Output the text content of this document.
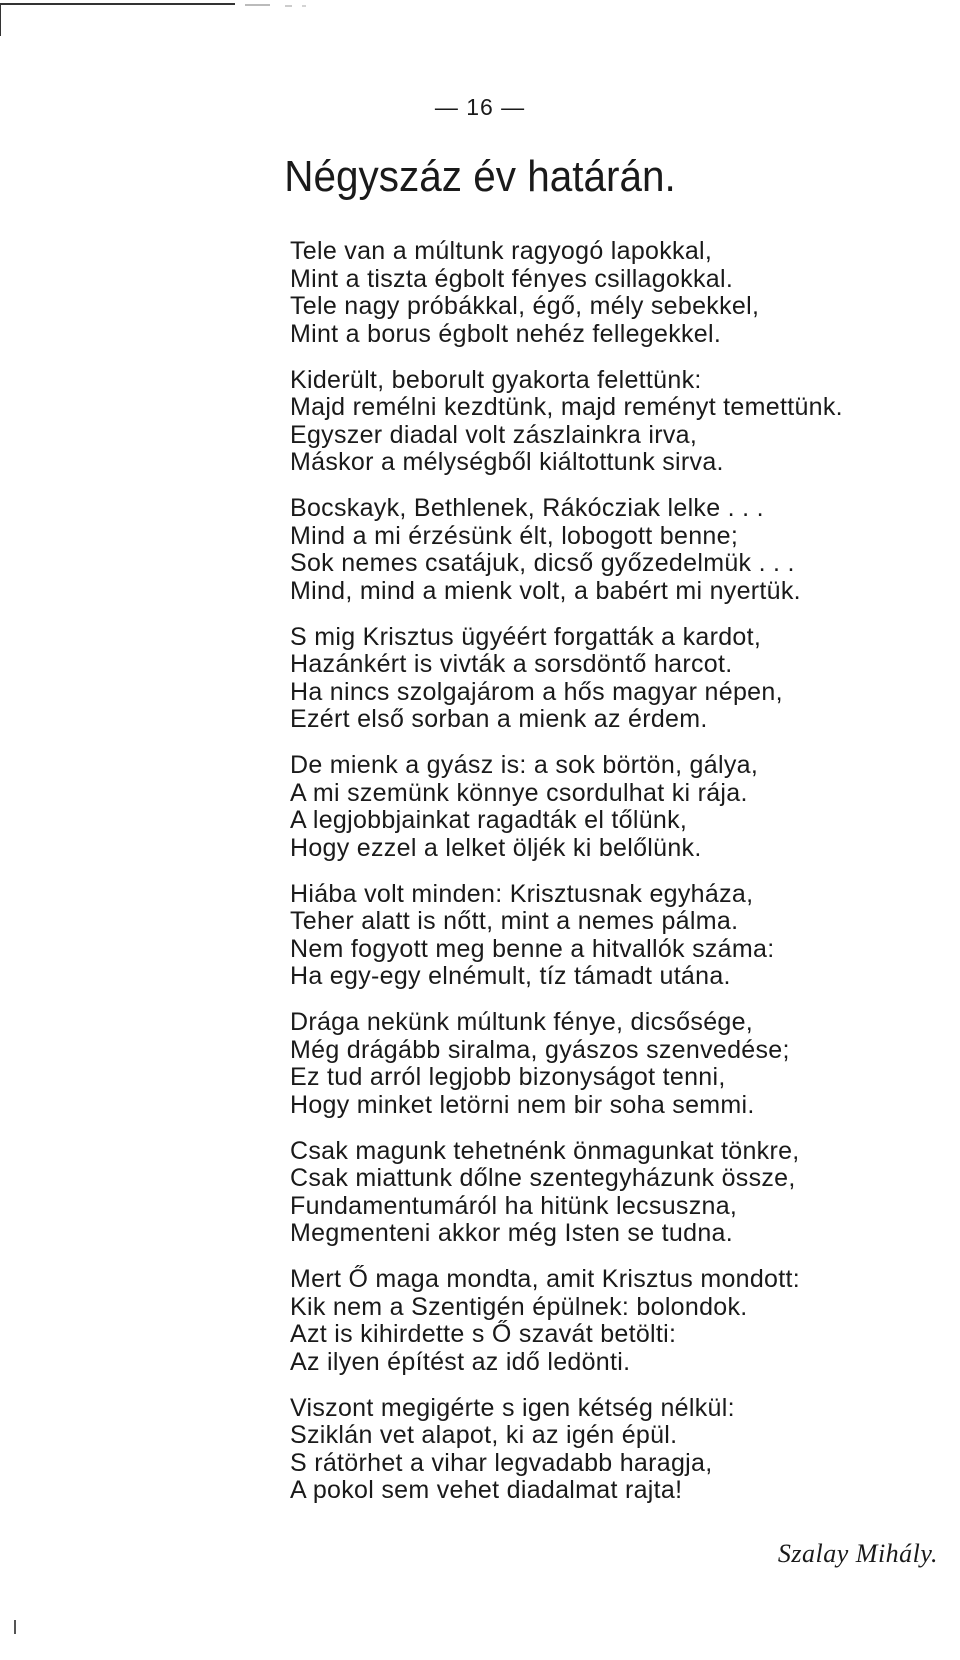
— 16 —
Négyszáz év határán.
Tele van a múltunk ragyogó lapokkal,
Mint a tiszta égbolt fényes csillagokkal.
Tele nagy próbákkal, égő, mély sebekkel,
Mint a borus égbolt nehéz fellegekkel.
Kiderült, beborult gyakorta felettünk:
Majd remélni kezdtünk, majd reményt temettünk.
Egyszer diadal volt zászlainkra irva,
Máskor a mélységből kiáltottunk sirva.
Bocskayk, Bethlenek, Rákócziak lelke . . .
Mind a mi érzésünk élt, lobogott benne;
Sok nemes csatájuk, dicső győzedelmük . . .
Mind, mind a mienk volt, a babért mi nyertük.
S mig Krisztus ügyéért forgatták a kardot,
Hazánkért is vivták a sorsdöntő harcot.
Ha nincs szolgajárom a hős magyar népen,
Ezért első sorban a mienk az érdem.
De mienk a gyász is: a sok börtön, gálya,
A mi szemünk könnye csordulhat ki rája.
A legjobbjainkat ragadták el tőlünk,
Hogy ezzel a lelket öljék ki belőlünk.
Hiába volt minden: Krisztusnak egyháza,
Teher alatt is nőtt, mint a nemes pálma.
Nem fogyott meg benne a hitvallók száma:
Ha egy-egy elnémult, tíz támadt utána.
Drága nekünk múltunk fénye, dicsősége,
Még drágább siralma, gyászos szenvedése;
Ez tud arról legjobb bizonyságot tenni,
Hogy minket letörni nem bir soha semmi.
Csak magunk tehetnénk önmagunkat tönkre,
Csak miattunk dőlne szentegyházunk össze,
Fundamentumáról ha hitünk lecsuszna,
Megmenteni akkor még Isten se tudna.
Mert Ő maga mondta, amit Krisztus mondott:
Kik nem a Szentigén épülnek: bolondok.
Azt is kihirdette s Ő szavát betölti:
Az ilyen építést az idő ledönti.
Viszont megigérte s igen kétség nélkül:
Sziklán vet alapot, ki az igén épül.
S rátörhet a vihar legvadabb haragja,
A pokol sem vehet diadalmat rajta!
Szalay Mihály.
